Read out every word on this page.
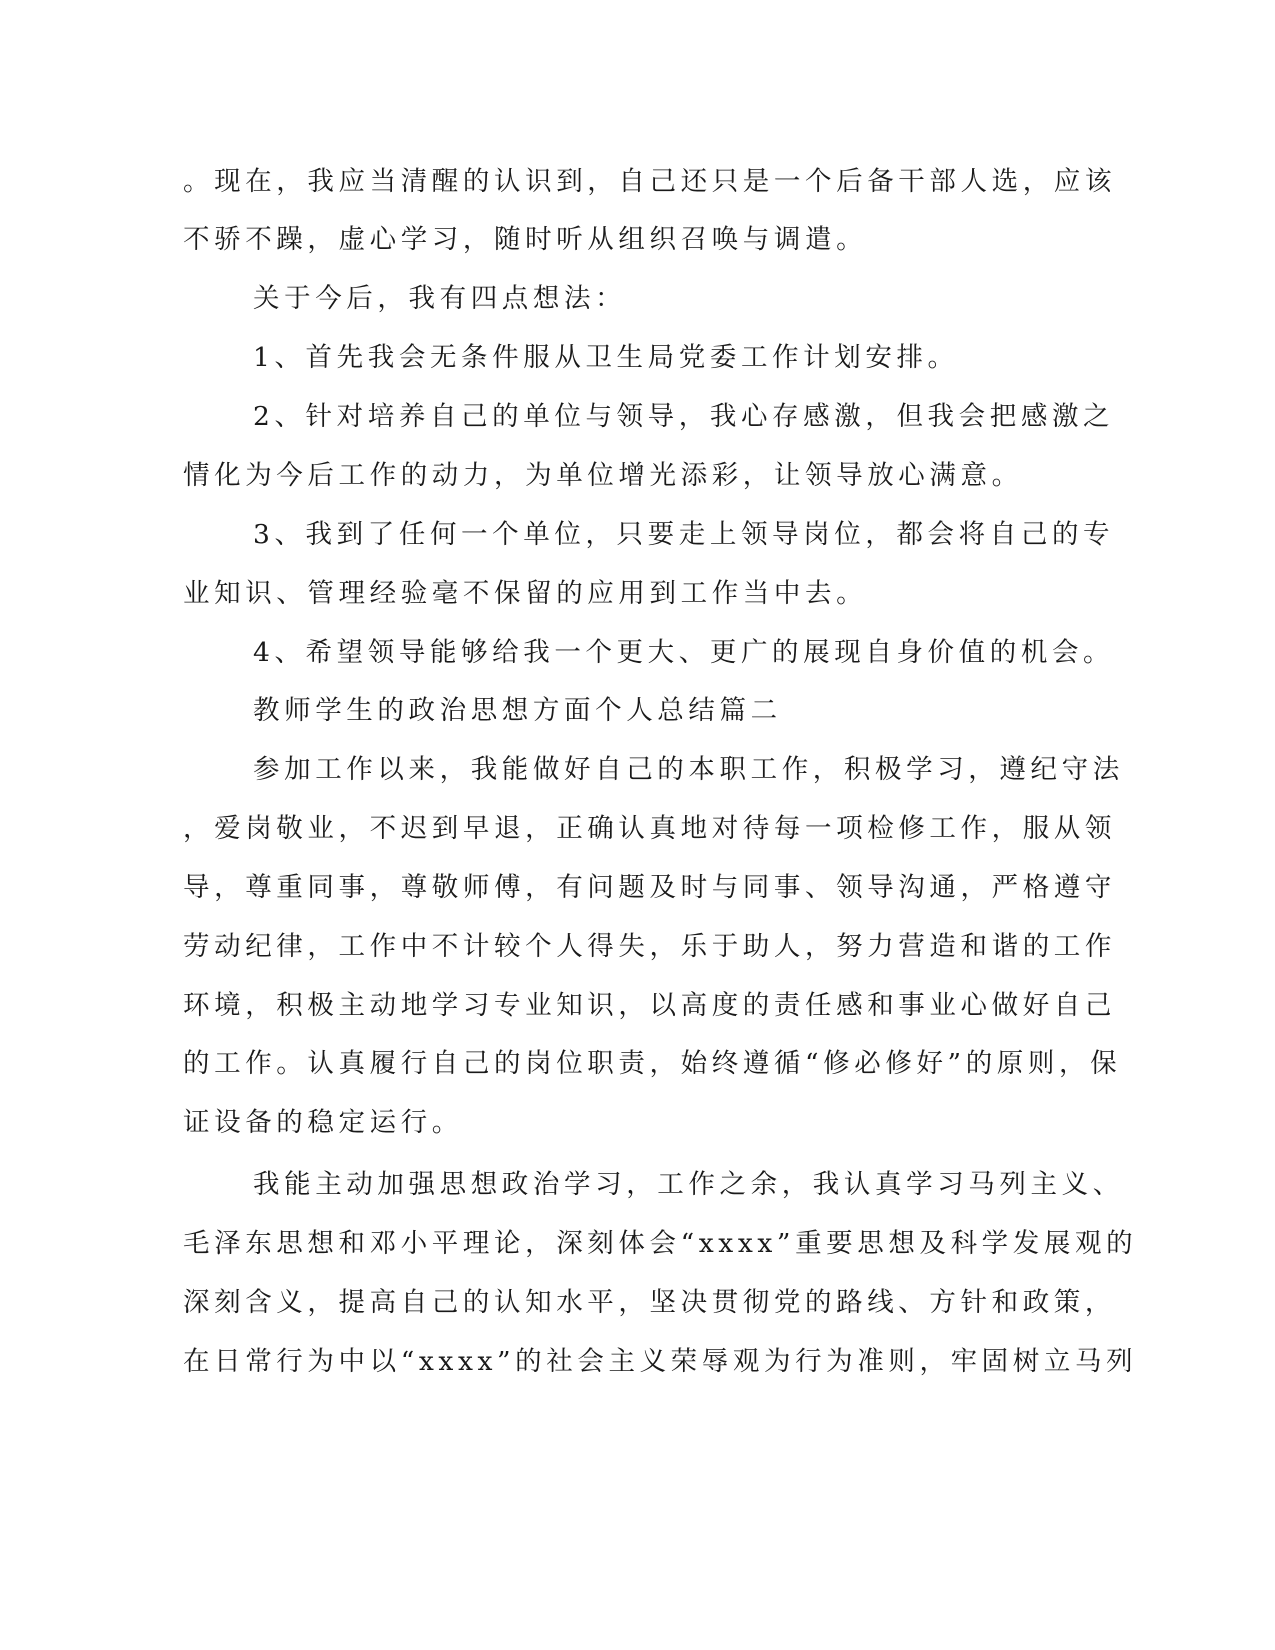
。现在，我应当清醒的认识到，自己还只是一个后备干部人选，应该
不骄不躁，虚心学习，随时听从组织召唤与调遣。
关于今后，我有四点想法：
1、首先我会无条件服从卫生局党委工作计划安排。
2、针对培养自己的单位与领导，我心存感激，但我会把感激之
情化为今后工作的动力，为单位增光添彩，让领导放心满意。
3、我到了任何一个单位，只要走上领导岗位，都会将自己的专
业知识、管理经验毫不保留的应用到工作当中去。
4、希望领导能够给我一个更大、更广的展现自身价值的机会。
教师学生的政治思想方面个人总结篇二
参加工作以来，我能做好自己的本职工作，积极学习，遵纪守法
，爱岗敬业，不迟到早退，正确认真地对待每一项检修工作，服从领
导，尊重同事，尊敬师傅，有问题及时与同事、领导沟通，严格遵守
劳动纪律，工作中不计较个人得失，乐于助人，努力营造和谐的工作
环境，积极主动地学习专业知识，以高度的责任感和事业心做好自己
的工作。认真履行自己的岗位职责，始终遵循“修必修好”的原则，保
证设备的稳定运行。
我能主动加强思想政治学习，工作之余，我认真学习马列主义、
毛泽东思想和邓小平理论，深刻体会“xxxx”重要思想及科学发展观的
深刻含义，提高自己的认知水平，坚决贯彻党的路线、方针和政策，
在日常行为中以“xxxx”的社会主义荣辱观为行为准则，牢固树立马列
